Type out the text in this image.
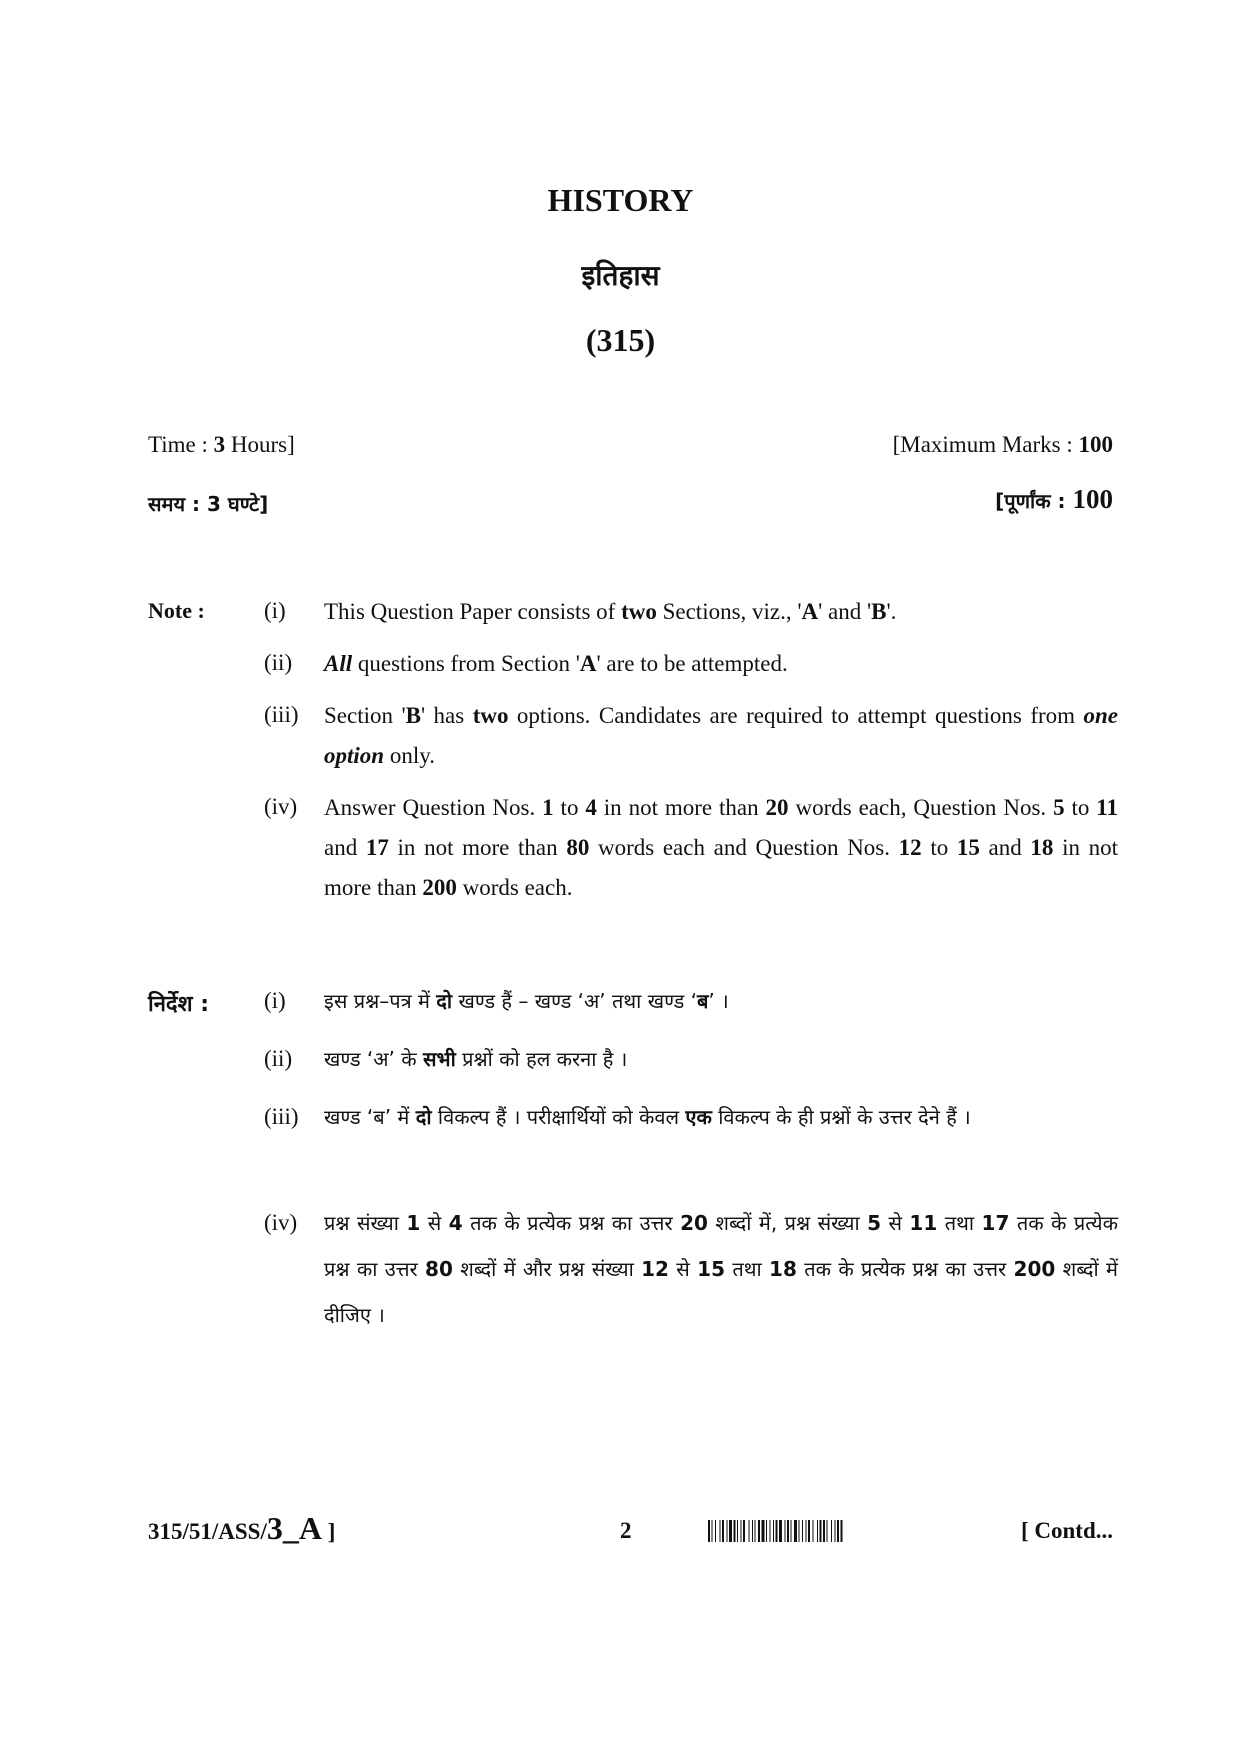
HISTORY
इतिहास
(315)
Time : 3 Hours]	[Maximum Marks : 100
समय : 3 घण्टे]	[पूर्णांक : 100
Note :	(i) This Question Paper consists of two Sections, viz., 'A' and 'B'.
(ii) All questions from Section 'A' are to be attempted.
(iii) Section 'B' has two options. Candidates are required to attempt questions from one option only.
(iv) Answer Question Nos. 1 to 4 in not more than 20 words each, Question Nos. 5 to 11 and 17 in not more than 80 words each and Question Nos. 12 to 15 and 18 in not more than 200 words each.
निर्देश : (i) इस प्रश्न–पत्र में दो खण्ड हैं – खण्ड ‘अ’ तथा खण्ड ‘ब’ ।
(ii) खण्ड ‘अ’ के सभी प्रश्नों को हल करना है ।
(iii) खण्ड ‘ब’ में दो विकल्प हैं । परीक्षार्थियों को केवल एक विकल्प के ही प्रश्नों के उत्तर देने हैं ।
(iv) प्रश्न संख्या 1 से 4 तक के प्रत्येक प्रश्न का उत्तर 20 शब्दों में, प्रश्न संख्या 5 से 11 तथा 17 तक के प्रत्येक प्रश्न का उत्तर 80 शब्दों में और प्रश्न संख्या 12 से 15 तथा 18 तक के प्रत्येक प्रश्न का उत्तर 200 शब्दों में दीजिए ।
315/51/ASS/3_A ]	2	[ Contd...
